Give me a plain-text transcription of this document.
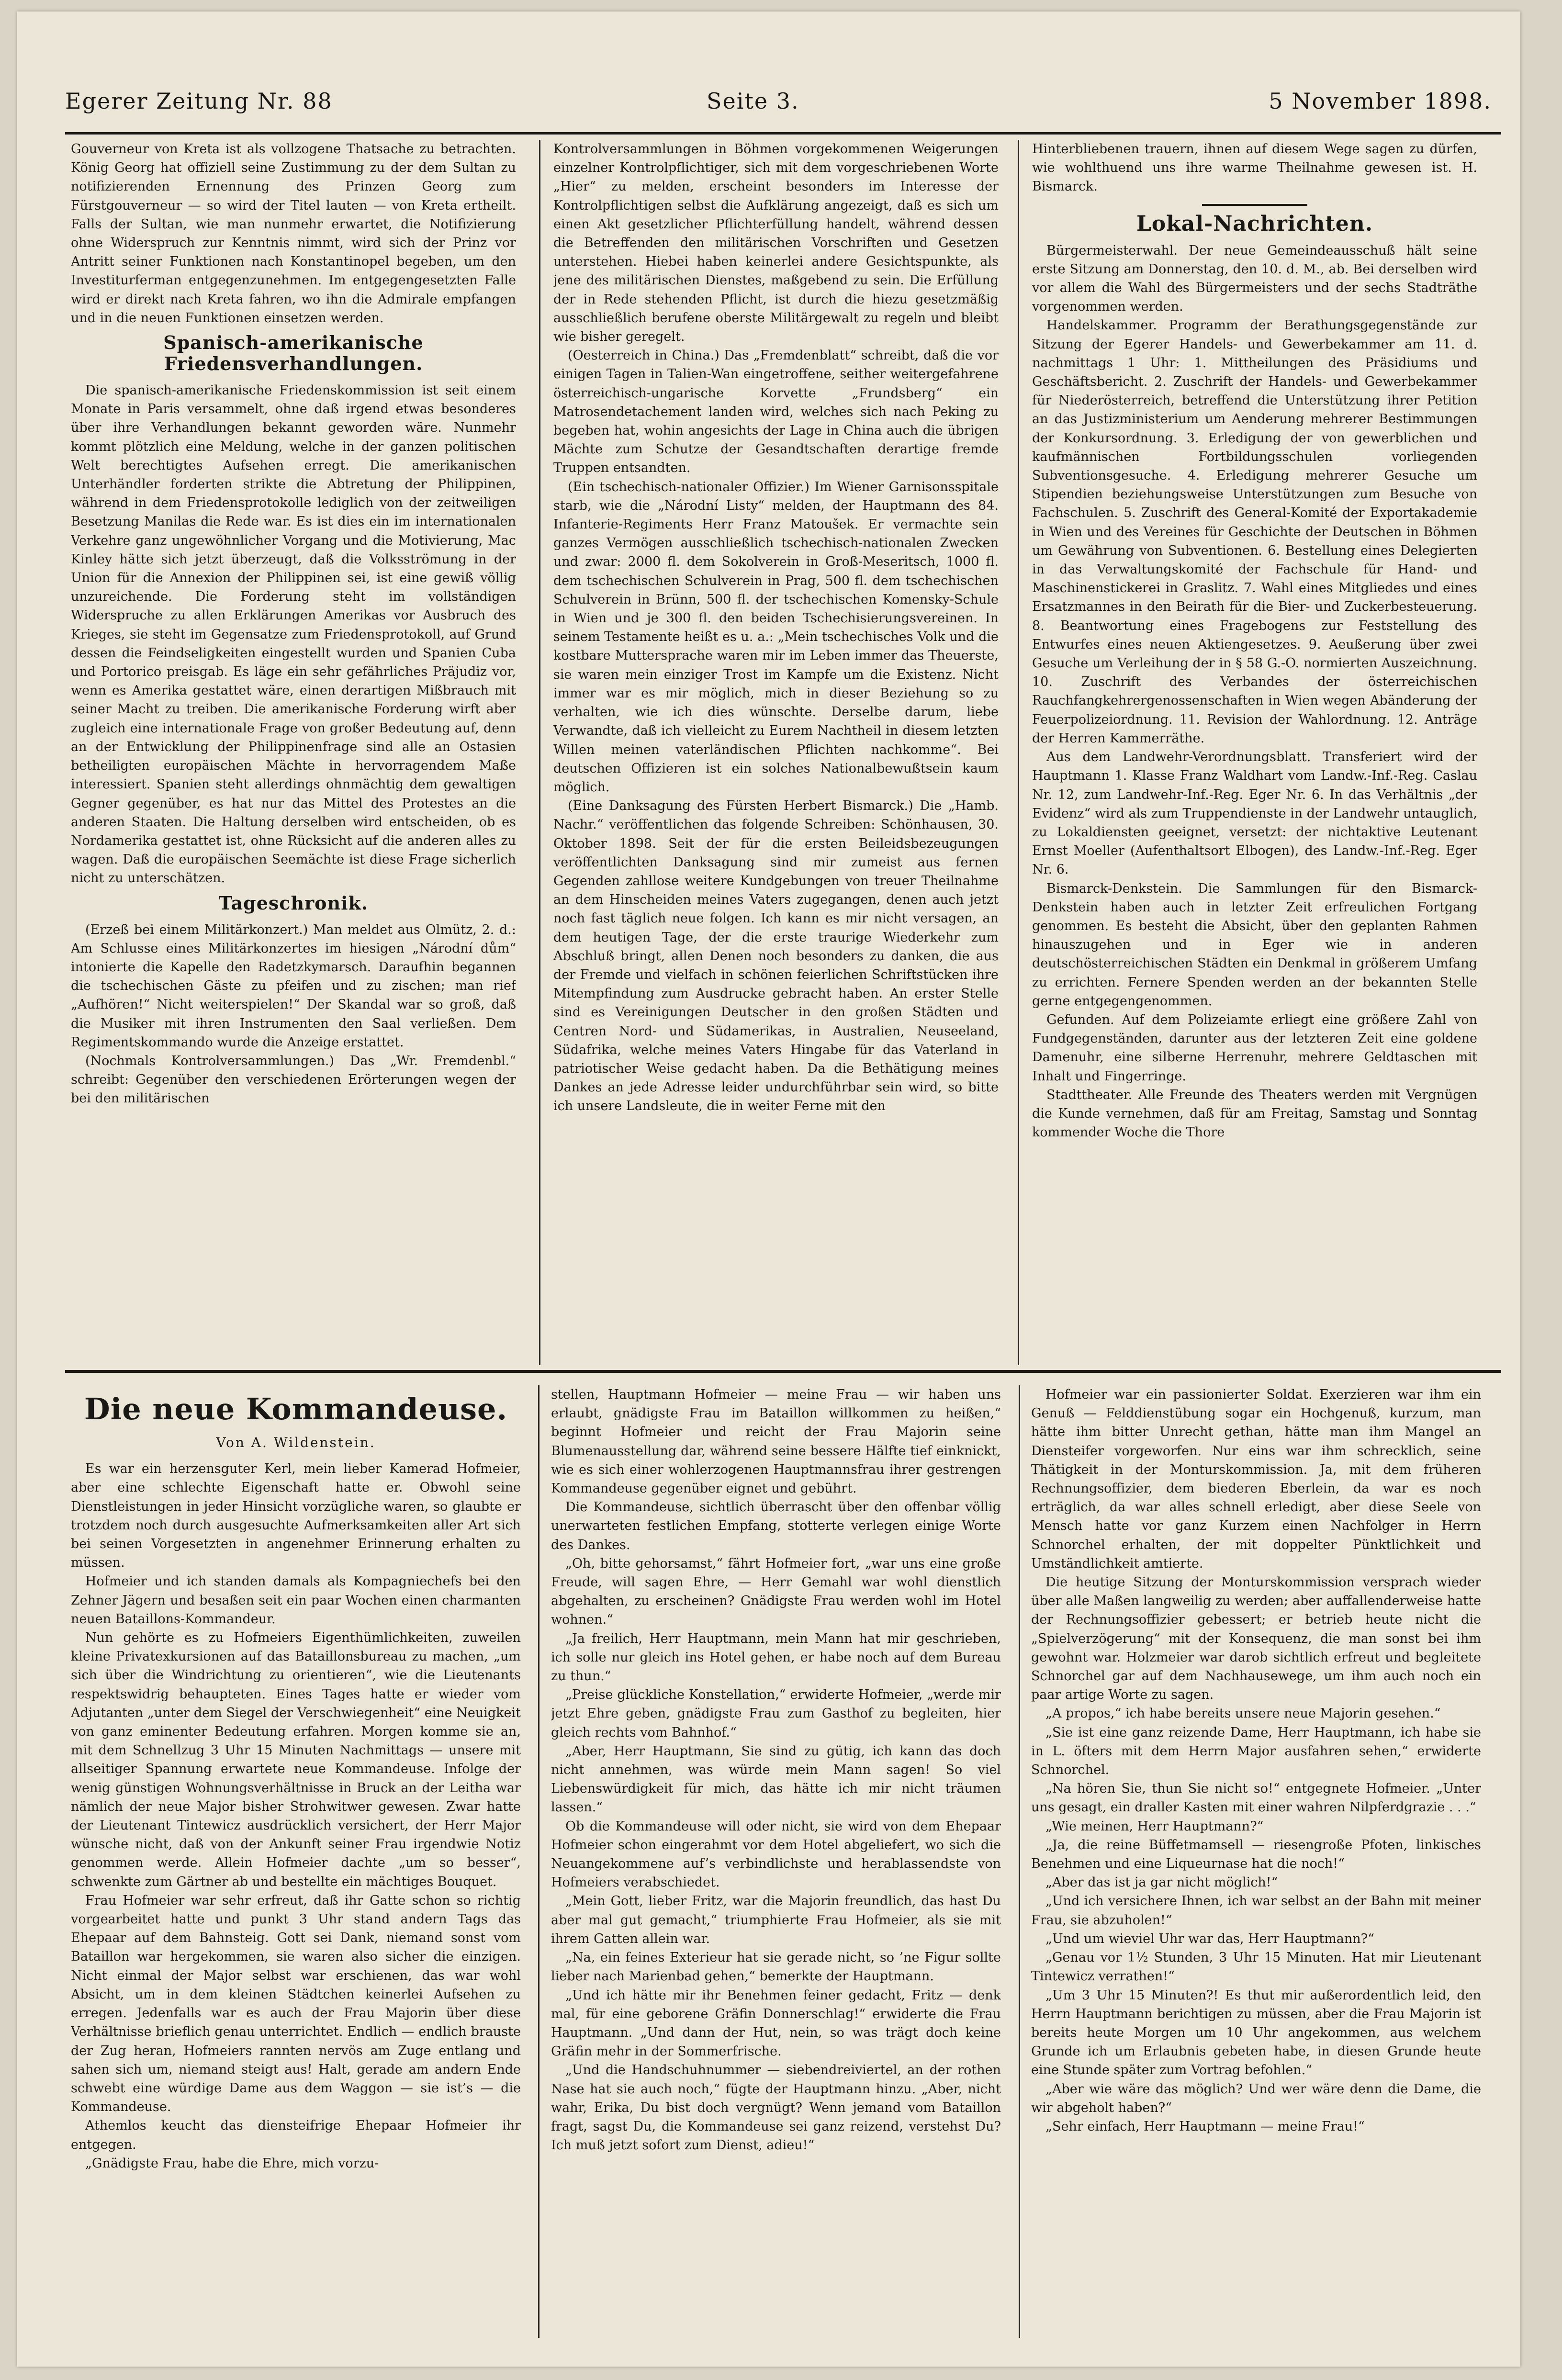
Egerer Zeitung Nr. 88	Seite 3.	5 November 1898.

Gouverneur von Kreta ist als vollzogene Thatsache zu betrachten. König Georg hat offiziell seine Zustimmung zu der dem Sultan zu notifizierenden Ernennung des Prinzen Georg zum Fürstgouverneur — so wird der Titel lauten — von Kreta ertheilt. Falls der Sultan, wie man nunmehr erwartet, die Notifizierung ohne Widerspruch zur Kenntnis nimmt, wird sich der Prinz vor Antritt seiner Funktionen nach Konstantinopel begeben, um den Investiturferman entgegenzunehmen. Im entgegengesetzten Falle wird er direkt nach Kreta fahren, wo ihn die Admirale empfangen und in die neuen Funktionen einsetzen werden.

Spanisch-amerikanische Friedensverhandlungen.

Die spanisch-amerikanische Friedenskommission ist seit einem Monate in Paris versammelt, ohne daß irgend etwas besonderes über ihre Verhandlungen bekannt geworden wäre. Nunmehr kommt plötzlich eine Meldung, welche in der ganzen politischen Welt berechtigtes Aufsehen erregt. Die amerikanischen Unterhändler forderten strikte die Abtretung der Philippinen, während in dem Friedensprotokolle lediglich von der zeitweiligen Besetzung Manilas die Rede war. Es ist dies ein im internationalen Verkehre ganz ungewöhnlicher Vorgang und die Motivierung, Mac Kinley hätte sich jetzt überzeugt, daß die Volksströmung in der Union für die Annexion der Philippinen sei, ist eine gewiß völlig unzureichende. Die Forderung steht im vollständigen Widerspruche zu allen Erklärungen Amerikas vor Ausbruch des Krieges, sie steht im Gegensatze zum Friedensprotokoll, auf Grund dessen die Feindseligkeiten eingestellt wurden und Spanien Cuba und Portorico preisgab. Es läge ein sehr gefährliches Präjudiz vor, wenn es Amerika gestattet wäre, einen derartigen Mißbrauch mit seiner Macht zu treiben. Die amerikanische Forderung wirft aber zugleich eine internationale Frage von großer Bedeutung auf, denn an der Entwicklung der Philippinenfrage sind alle an Ostasien betheiligten europäischen Mächte in hervorragendem Maße interessiert. Spanien steht allerdings ohnmächtig dem gewaltigen Gegner gegenüber, es hat nur das Mittel des Protestes an die anderen Staaten. Die Haltung derselben wird entscheiden, ob es Nordamerika gestattet ist, ohne Rücksicht auf die anderen alles zu wagen. Daß die europäischen Seemächte ist diese Frage sicherlich nicht zu unterschätzen.

Tageschronik.

(Erzeß bei einem Militärkonzert.) Man meldet aus Olmütz, 2. d.: Am Schlusse eines Militärkonzertes im hiesigen „Národní dům“ intonierte die Kapelle den Radetzkymarsch. Daraufhin begannen die tschechischen Gäste zu pfeifen und zu zischen; man rief „Aufhören!“ Nicht weiterspielen!“ Der Skandal war so groß, daß die Musiker mit ihren Instrumenten den Saal verließen. Dem Regimentskommando wurde die Anzeige erstattet.

(Nochmals Kontrolversammlungen.) Das „Wr. Fremdenbl.“ schreibt: Gegenüber den verschiedenen Erörterungen wegen der bei den militärischen

Kontrolversammlungen in Böhmen vorgekommenen Weigerungen einzelner Kontrolpflichtiger, sich mit dem vorgeschriebenen Worte „Hier“ zu melden, erscheint besonders im Interesse der Kontrolpflichtigen selbst die Aufklärung angezeigt, daß es sich um einen Akt gesetzlicher Pflichterfüllung handelt, während dessen die Betreffenden den militärischen Vorschriften und Gesetzen unterstehen. Hiebei haben keinerlei andere Gesichtspunkte, als jene des militärischen Dienstes, maßgebend zu sein. Die Erfüllung der in Rede stehenden Pflicht, ist durch die hiezu gesetzmäßig ausschließlich berufene oberste Militärgewalt zu regeln und bleibt wie bisher geregelt.

(Oesterreich in China.) Das „Fremdenblatt“ schreibt, daß die vor einigen Tagen in Talien-Wan eingetroffene, seither weitergefahrene österreichisch-ungarische Korvette „Frundsberg“ ein Matrosendetachement landen wird, welches sich nach Peking zu begeben hat, wohin angesichts der Lage in China auch die übrigen Mächte zum Schutze der Gesandtschaften derartige fremde Truppen entsandten.

(Ein tschechisch-nationaler Offizier.) Im Wiener Garnisonsspitale starb, wie die „Národní Listy“ melden, der Hauptmann des 84. Infanterie-Regiments Herr Franz Matoušek. Er vermachte sein ganzes Vermögen ausschließlich tschechisch-nationalen Zwecken und zwar: 2000 fl. dem Sokolverein in Groß-Meseritsch, 1000 fl. dem tschechischen Schulverein in Prag, 500 fl. dem tschechischen Schulverein in Brünn, 500 fl. der tschechischen Komensky-Schule in Wien und je 300 fl. den beiden Tschechisierungsvereinen. In seinem Testamente heißt es u. a.: „Mein tschechisches Volk und die kostbare Muttersprache waren mir im Leben immer das Theuerste, sie waren mein einziger Trost im Kampfe um die Existenz. Nicht immer war es mir möglich, mich in dieser Beziehung so zu verhalten, wie ich dies wünschte. Derselbe darum, liebe Verwandte, daß ich vielleicht zu Eurem Nachtheil in diesem letzten Willen meinen vaterländischen Pflichten nachkomme“. Bei deutschen Offizieren ist ein solches Nationalbewußtsein kaum möglich.

(Eine Danksagung des Fürsten Herbert Bismarck.) Die „Hamb. Nachr.“ veröffentlichen das folgende Schreiben: Schönhausen, 30. Oktober 1898. Seit der für die ersten Beileidsbezeugungen veröffentlichten Danksagung sind mir zumeist aus fernen Gegenden zahllose weitere Kundgebungen von treuer Theilnahme an dem Hinscheiden meines Vaters zugegangen, denen auch jetzt noch fast täglich neue folgen. Ich kann es mir nicht versagen, an dem heutigen Tage, der die erste traurige Wiederkehr zum Abschluß bringt, allen Denen noch besonders zu danken, die aus der Fremde und vielfach in schönen feierlichen Schriftstücken ihre Mitempfindung zum Ausdrucke gebracht haben. An erster Stelle sind es Vereinigungen Deutscher in den großen Städten und Centren Nord- und Südamerikas, in Australien, Neuseeland, Südafrika, welche meines Vaters Hingabe für das Vaterland in patriotischer Weise gedacht haben. Da die Bethätigung meines Dankes an jede Adresse leider undurchführbar sein wird, so bitte ich unsere Landsleute, die in weiter Ferne mit den

Hinterbliebenen trauern, ihnen auf diesem Wege sagen zu dürfen, wie wohlthuend uns ihre warme Theilnahme gewesen ist. H. Bismarck.

Lokal-Nachrichten.

Bürgermeisterwahl. Der neue Gemeindeausschuß hält seine erste Sitzung am Donnerstag, den 10. d. M., ab. Bei derselben wird vor allem die Wahl des Bürgermeisters und der sechs Stadträthe vorgenommen werden.

Handelskammer. Programm der Berathungsgegenstände zur Sitzung der Egerer Handels- und Gewerbekammer am 11. d. nachmittags 1 Uhr: 1. Mittheilungen des Präsidiums und Geschäftsbericht. 2. Zuschrift der Handels- und Gewerbekammer für Niederösterreich, betreffend die Unterstützung ihrer Petition an das Justizministerium um Aenderung mehrerer Bestimmungen der Konkursordnung. 3. Erledigung der von gewerblichen und kaufmännischen Fortbildungsschulen vorliegenden Subventionsgesuche. 4. Erledigung mehrerer Gesuche um Stipendien beziehungsweise Unterstützungen zum Besuche von Fachschulen. 5. Zuschrift des General-Komité der Exportakademie in Wien und des Vereines für Geschichte der Deutschen in Böhmen um Gewährung von Subventionen. 6. Bestellung eines Delegierten in das Verwaltungskomité der Fachschule für Hand- und Maschinenstickerei in Graslitz. 7. Wahl eines Mitgliedes und eines Ersatzmannes in den Beirath für die Bier- und Zuckerbesteuerung. 8. Beantwortung eines Fragebogens zur Feststellung des Entwurfes eines neuen Aktiengesetzes. 9. Aeußerung über zwei Gesuche um Verleihung der in § 58 G.-O. normierten Auszeichnung. 10. Zuschrift des Verbandes der österreichischen Rauchfangkehrergenossenschaften in Wien wegen Abänderung der Feuerpolizeiordnung. 11. Revision der Wahlordnung. 12. Anträge der Herren Kammerräthe.

Aus dem Landwehr-Verordnungsblatt. Transferiert wird der Hauptmann 1. Klasse Franz Waldhart vom Landw.-Inf.-Reg. Caslau Nr. 12, zum Landwehr-Inf.-Reg. Eger Nr. 6. In das Verhältnis „der Evidenz“ wird als zum Truppendienste in der Landwehr untauglich, zu Lokaldiensten geeignet, versetzt: der nichtaktive Leutenant Ernst Moeller (Aufenthaltsort Elbogen), des Landw.-Inf.-Reg. Eger Nr. 6.

Bismarck-Denkstein. Die Sammlungen für den Bismarck-Denkstein haben auch in letzter Zeit erfreulichen Fortgang genommen. Es besteht die Absicht, über den geplanten Rahmen hinauszugehen und in Eger wie in anderen deutschösterreichischen Städten ein Denkmal in größerem Umfang zu errichten. Fernere Spenden werden an der bekannten Stelle gerne entgegengenommen.

Gefunden. Auf dem Polizeiamte erliegt eine größere Zahl von Fundgegenständen, darunter aus der letzteren Zeit eine goldene Damenuhr, eine silberne Herrenuhr, mehrere Geldtaschen mit Inhalt und Fingerringe.

Stadttheater. Alle Freunde des Theaters werden mit Vergnügen die Kunde vernehmen, daß für am Freitag, Samstag und Sonntag kommender Woche die Thore

Die neue Kommandeuse.
Von A. Wildenstein.

Es war ein herzensguter Kerl, mein lieber Kamerad Hofmeier, aber eine schlechte Eigenschaft hatte er. Obwohl seine Dienstleistungen in jeder Hinsicht vorzügliche waren, so glaubte er trotzdem noch durch ausgesuchte Aufmerksamkeiten aller Art sich bei seinen Vorgesetzten in angenehmer Erinnerung erhalten zu müssen.

Hofmeier und ich standen damals als Kompagniechefs bei den Zehner Jägern und besaßen seit ein paar Wochen einen charmanten neuen Bataillons-Kommandeur.

Nun gehörte es zu Hofmeiers Eigenthümlichkeiten, zuweilen kleine Privatexkursionen auf das Bataillonsbureau zu machen, „um sich über die Windrichtung zu orientieren“, wie die Lieutenants respektswidrig behaupteten. Eines Tages hatte er wieder vom Adjutanten „unter dem Siegel der Verschwiegenheit“ eine Neuigkeit von ganz eminenter Bedeutung erfahren. Morgen komme sie an, mit dem Schnellzug 3 Uhr 15 Minuten Nachmittags — unsere mit allseitiger Spannung erwartete neue Kommandeuse. Infolge der wenig günstigen Wohnungsverhältnisse in Bruck an der Leitha war nämlich der neue Major bisher Strohwitwer gewesen. Zwar hatte der Lieutenant Tintewicz ausdrücklich versichert, der Herr Major wünsche nicht, daß von der Ankunft seiner Frau irgendwie Notiz genommen werde. Allein Hofmeier dachte „um so besser“, schwenkte zum Gärtner ab und bestellte ein mächtiges Bouquet.

Frau Hofmeier war sehr erfreut, daß ihr Gatte schon so richtig vorgearbeitet hatte und punkt 3 Uhr stand andern Tags das Ehepaar auf dem Bahnsteig. Gott sei Dank, niemand sonst vom Bataillon war hergekommen, sie waren also sicher die einzigen. Nicht einmal der Major selbst war erschienen, das war wohl Absicht, um in dem kleinen Städtchen keinerlei Aufsehen zu erregen. Jedenfalls war es auch der Frau Majorin über diese Verhältnisse brieflich genau unterrichtet. Endlich — endlich brauste der Zug heran, Hofmeiers rannten nervös am Zuge entlang und sahen sich um, niemand steigt aus! Halt, gerade am andern Ende schwebt eine würdige Dame aus dem Waggon — sie ist’s — die Kommandeuse.

Athemlos keucht das diensteifrige Ehepaar Hofmeier ihr entgegen.

„Gnädigste Frau, habe die Ehre, mich vorzu-

stellen, Hauptmann Hofmeier — meine Frau — wir haben uns erlaubt, gnädigste Frau im Bataillon willkommen zu heißen,“ beginnt Hofmeier und reicht der Frau Majorin seine Blumenausstellung dar, während seine bessere Hälfte tief einknickt, wie es sich einer wohlerzogenen Hauptmannsfrau ihrer gestrengen Kommandeuse gegenüber eignet und gebührt.

Die Kommandeuse, sichtlich überrascht über den offenbar völlig unerwarteten festlichen Empfang, stotterte verlegen einige Worte des Dankes.

„Oh, bitte gehorsamst,“ fährt Hofmeier fort, „war uns eine große Freude, will sagen Ehre, — Herr Gemahl war wohl dienstlich abgehalten, zu erscheinen? Gnädigste Frau werden wohl im Hotel wohnen.“

„Ja freilich, Herr Hauptmann, mein Mann hat mir geschrieben, ich solle nur gleich ins Hotel gehen, er habe noch auf dem Bureau zu thun.“

„Preise glückliche Konstellation,“ erwiderte Hofmeier, „werde mir jetzt Ehre geben, gnädigste Frau zum Gasthof zu begleiten, hier gleich rechts vom Bahnhof.“

„Aber, Herr Hauptmann, Sie sind zu gütig, ich kann das doch nicht annehmen, was würde mein Mann sagen! So viel Liebenswürdigkeit für mich, das hätte ich mir nicht träumen lassen.“

Ob die Kommandeuse will oder nicht, sie wird von dem Ehepaar Hofmeier schon eingerahmt vor dem Hotel abgeliefert, wo sich die Neuangekommene auf’s verbindlichste und herablassendste von Hofmeiers verabschiedet.

„Mein Gott, lieber Fritz, war die Majorin freundlich, das hast Du aber mal gut gemacht,“ triumphierte Frau Hofmeier, als sie mit ihrem Gatten allein war.

„Na, ein feines Exterieur hat sie gerade nicht, so ’ne Figur sollte lieber nach Marienbad gehen,“ bemerkte der Hauptmann.

„Und ich hätte mir ihr Benehmen feiner gedacht, Fritz — denk mal, für eine geborene Gräfin Donnerschlag!“ erwiderte die Frau Hauptmann. „Und dann der Hut, nein, so was trägt doch keine Gräfin mehr in der Sommerfrische.

„Und die Handschuhnummer — siebendreiviertel, an der rothen Nase hat sie auch noch,“ fügte der Hauptmann hinzu. „Aber, nicht wahr, Erika, Du bist doch vergnügt? Wenn jemand vom Bataillon fragt, sagst Du, die Kommandeuse sei ganz reizend, verstehst Du? Ich muß jetzt sofort zum Dienst, adieu!“

Hofmeier war ein passionierter Soldat. Exerzieren war ihm ein Genuß — Felddienstübung sogar ein Hochgenuß, kurzum, man hätte ihm bitter Unrecht gethan, hätte man ihm Mangel an Diensteifer vorgeworfen. Nur eins war ihm schrecklich, seine Thätigkeit in der Monturskommission. Ja, mit dem früheren Rechnungsoffizier, dem biederen Eberlein, da war es noch erträglich, da war alles schnell erledigt, aber diese Seele von Mensch hatte vor ganz Kurzem einen Nachfolger in Herrn Schnorchel erhalten, der mit doppelter Pünktlichkeit und Umständlichkeit amtierte.

Die heutige Sitzung der Monturskommission versprach wieder über alle Maßen langweilig zu werden; aber auffallenderweise hatte der Rechnungsoffizier gebessert; er betrieb heute nicht die „Spielverzögerung“ mit der Konsequenz, die man sonst bei ihm gewohnt war. Holzmeier war darob sichtlich erfreut und begleitete Schnorchel gar auf dem Nachhausewege, um ihm auch noch ein paar artige Worte zu sagen.

„A propos,“ ich habe bereits unsere neue Majorin gesehen.“

„Sie ist eine ganz reizende Dame, Herr Hauptmann, ich habe sie in L. öfters mit dem Herrn Major ausfahren sehen,“ erwiderte Schnorchel.

„Na hören Sie, thun Sie nicht so!“ entgegnete Hofmeier. „Unter uns gesagt, ein draller Kasten mit einer wahren Nilpferdgrazie . . .“

„Wie meinen, Herr Hauptmann?“

„Ja, die reine Büffetmamsell — riesengroße Pfoten, linkisches Benehmen und eine Liqueurnase hat die noch!“

„Aber das ist ja gar nicht möglich!“

„Und ich versichere Ihnen, ich war selbst an der Bahn mit meiner Frau, sie abzuholen!“

„Und um wieviel Uhr war das, Herr Hauptmann?“

„Genau vor 1½ Stunden, 3 Uhr 15 Minuten. Hat mir Lieutenant Tintewicz verrathen!“

„Um 3 Uhr 15 Minuten?! Es thut mir außerordentlich leid, den Herrn Hauptmann berichtigen zu müssen, aber die Frau Majorin ist bereits heute Morgen um 10 Uhr angekommen, aus welchem Grunde ich um Erlaubnis gebeten habe, in diesen Grunde heute eine Stunde später zum Vortrag befohlen.“

„Aber wie wäre das möglich? Und wer wäre denn die Dame, die wir abgeholt haben?“

„Sehr einfach, Herr Hauptmann — meine Frau!“
